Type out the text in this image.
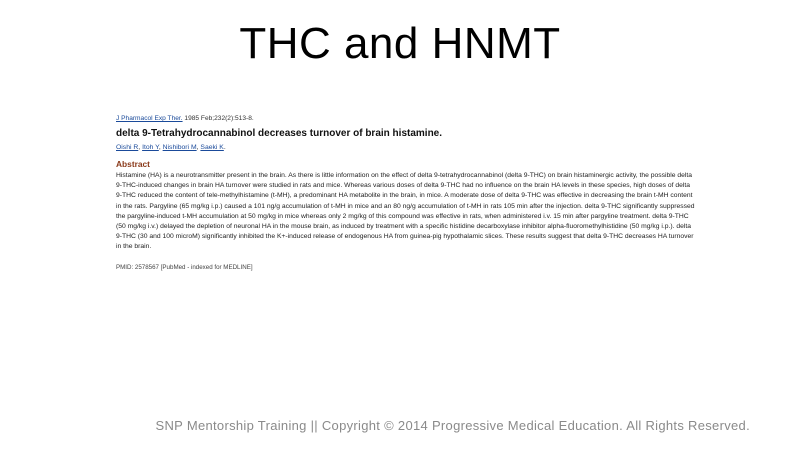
THC and HNMT
J Pharmacol Exp Ther. 1985 Feb;232(2):513-8.
delta 9-Tetrahydrocannabinol decreases turnover of brain histamine.
Oishi R, Itoh Y, Nishibori M, Saeki K.
Abstract
Histamine (HA) is a neurotransmitter present in the brain. As there is little information on the effect of delta 9-tetrahydrocannabinol (delta 9-THC) on brain histaminergic activity, the possible delta 9-THC-induced changes in brain HA turnover were studied in rats and mice. Whereas various doses of delta 9-THC had no influence on the brain HA levels in these species, high doses of delta 9-THC reduced the content of tele-methylhistamine (t-MH), a predominant HA metabolite in the brain, in mice. A moderate dose of delta 9-THC was effective in decreasing the brain t-MH content in the rats. Pargyline (65 mg/kg i.p.) caused a 101 ng/g accumulation of t-MH in mice and an 80 ng/g accumulation of t-MH in rats 105 min after the injection. delta 9-THC significantly suppressed the pargyline-induced t-MH accumulation at 50 mg/kg in mice whereas only 2 mg/kg of this compound was effective in rats, when administered i.v. 15 min after pargyline treatment. delta 9-THC (50 mg/kg i.v.) delayed the depletion of neuronal HA in the mouse brain, as induced by treatment with a specific histidine decarboxylase inhibitor alpha-fluoromethylhistidine (50 mg/kg i.p.). delta 9-THC (30 and 100 microM) significantly inhibited the K+-induced release of endogenous HA from guinea-pig hypothalamic slices. These results suggest that delta 9-THC decreases HA turnover in the brain.
PMID: 2578567 [PubMed - indexed for MEDLINE]
SNP Mentorship Training || Copyright © 2014 Progressive Medical Education. All Rights Reserved.
